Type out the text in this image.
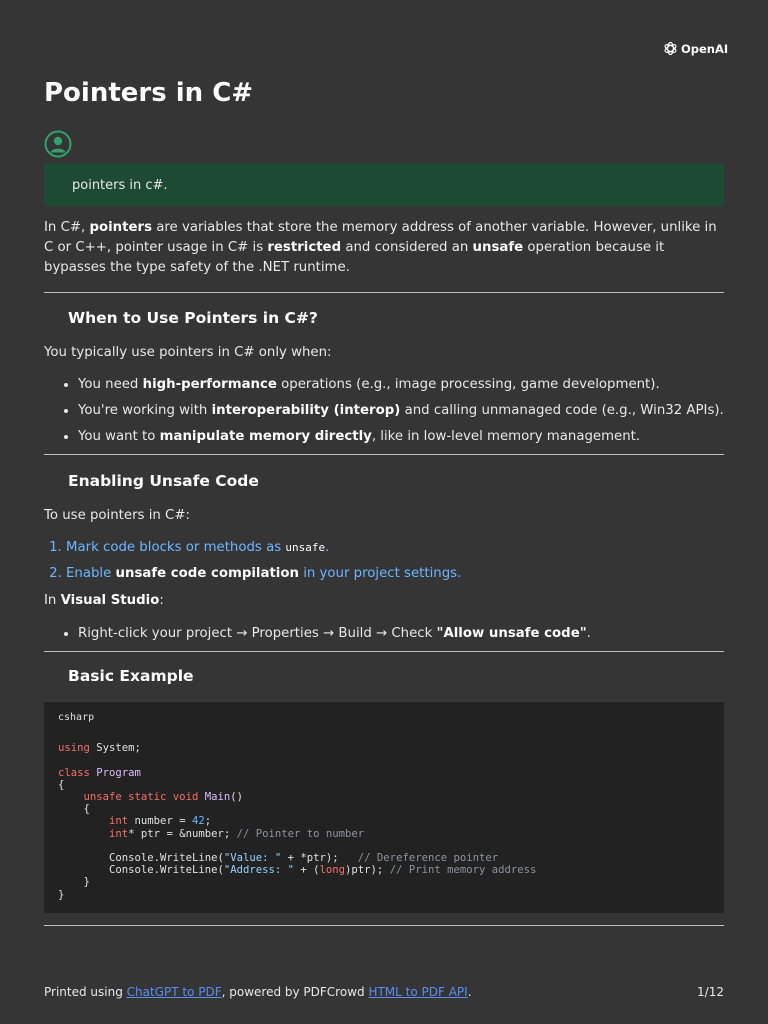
OpenAI
Pointers in C#
pointers in c#.

In C#, pointers are variables that store the memory address of another variable. However, unlike in C or C++, pointer usage in C# is restricted and considered an unsafe operation because it bypasses the type safety of the .NET runtime.

When to Use Pointers in C#?

You typically use pointers in C# only when:

• You need high-performance operations (e.g., image processing, game development).
• You're working with interoperability (interop) and calling unmanaged code (e.g., Win32 APIs).
• You want to manipulate memory directly, like in low-level memory management.
Enabling Unsafe Code

To use pointers in C#:

1. Mark code blocks or methods as unsafe.
2. Enable unsafe code compilation in your project settings.

In Visual Studio:

• Right-click your project → Properties → Build → Check "Allow unsafe code".
Basic Example
csharp
using System;

class Program
{
unsafe static void Main()
{
int number = 42;
int* ptr = &number; // Pointer to number

Console.WriteLine("Value: " + *ptr);   // Dereference pointer
Console.WriteLine("Address: " + (long)ptr); // Print memory address
}
}
Printed using ChatGPT to PDF, powered by PDFCrowd HTML to PDF API.	1/12
